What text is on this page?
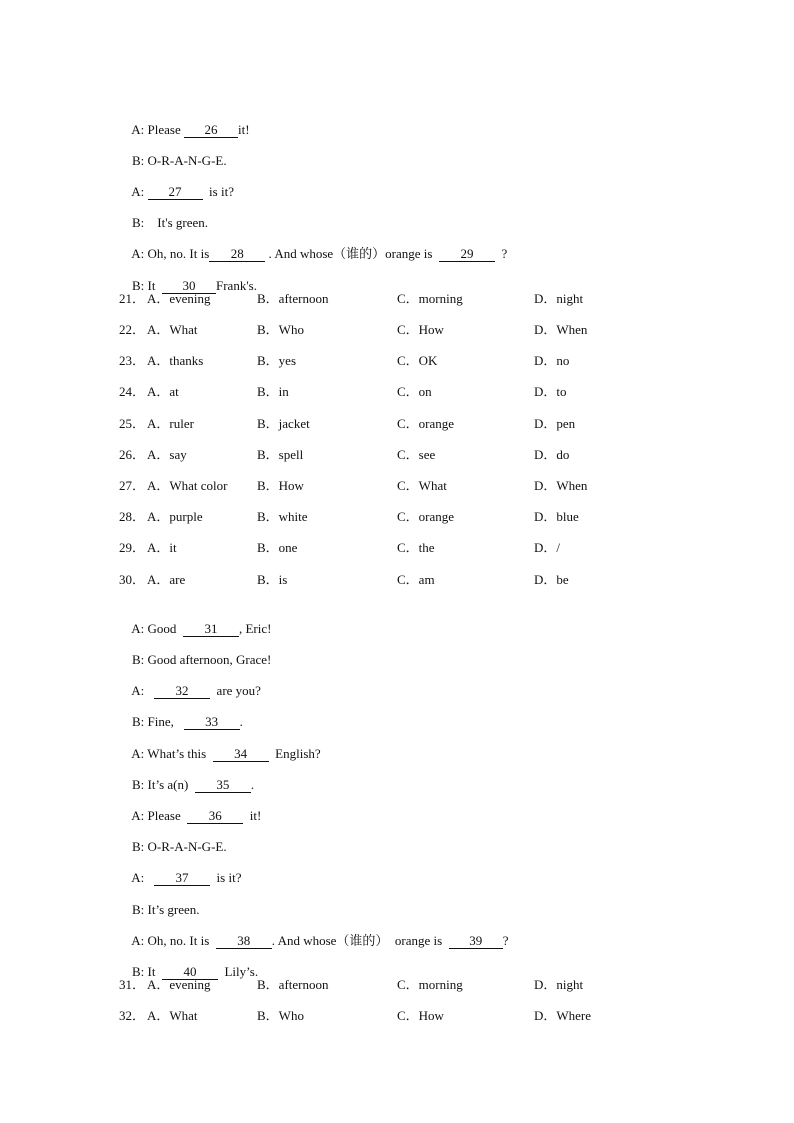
A: Please 26 it!

B: O-R-A-N-G-E.

A: 27  is it?

B:    It's green.

A: Oh, no. It is 28 . And whose（谁的）orange is  29  ?

B: It  30 Frank's.

21． A．evening	B．afternoon	C．morning	D．night
22． A．What	B．Who	C．How	D．When
23． A．thanks	B．yes	C．OK	D．no
24． A．at	B．in	C．on	D．to
25． A．ruler	B．jacket	C．orange	D．pen
26． A．say	B．spell	C．see	D．do
27． A．What color B．How	C．What	D．When
28． A．purple	B．white	C．orange	D．blue
29． A．it	B．one	C．the	D．/
30． A．are	B．is	C．am	D．be

A: Good  31 , Eric!

B: Good afternoon, Grace!

A:   32  are you?

B: Fine,   33 .

A: What’s this  34  English?

B: It’s a(n)  35 .

A: Please  36  it!

B: O-R-A-N-G-E.

A:   37  is it?

B: It’s green.

A: Oh, no. It is  38 . And whose（谁的）  orange is  39 ?

B: It  40  Lily’s.

31． A．evening	B．afternoon	C．morning	D．night
32． A．What	B．Who	C．How	D．Where
